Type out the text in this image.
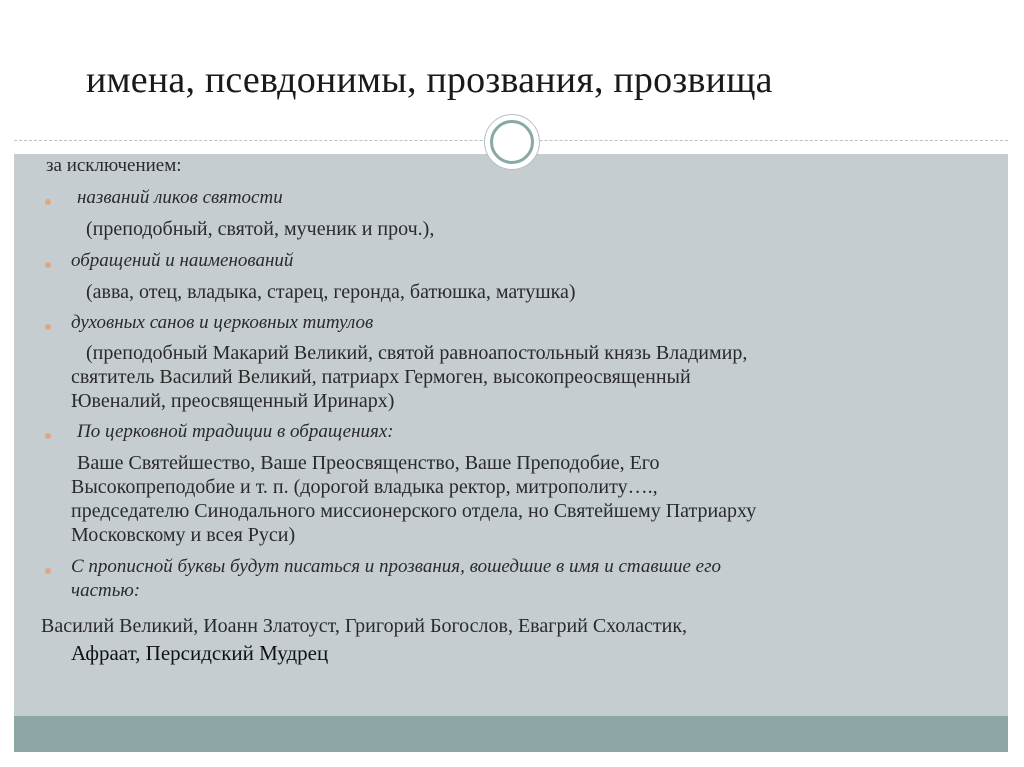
имена, псевдонимы, прозвания, прозвища
за исключением:
названий ликов святости
(преподобный, святой, мученик и проч.),
обращений и наименований
(авва, отец, владыка, старец, геронда, батюшка, матушка)
духовных санов и церковных титулов
(преподобный Макарий Великий, святой равноапостольный князь Владимир,
святитель Василий Великий, патриарх Гермоген, высокопреосвященный
Ювеналий, преосвященный Иринарх)
По церковной традиции в обращениях:
Ваше Святейшество, Ваше Преосвященство, Ваше Преподобие, Его
Высокопреподобие и т. п. (дорогой владыка ректор, митрополиту….,
председателю Синодального миссионерского отдела, но Святейшему Патриарху
Московскому и всея Руси)
С прописной буквы будут писаться и прозвания, вошедшие в имя и ставшие его
частью:
Василий Великий, Иоанн Златоуст, Григорий Богослов, Евагрий Схоластик,
Афраат, Персидский Мудрец
